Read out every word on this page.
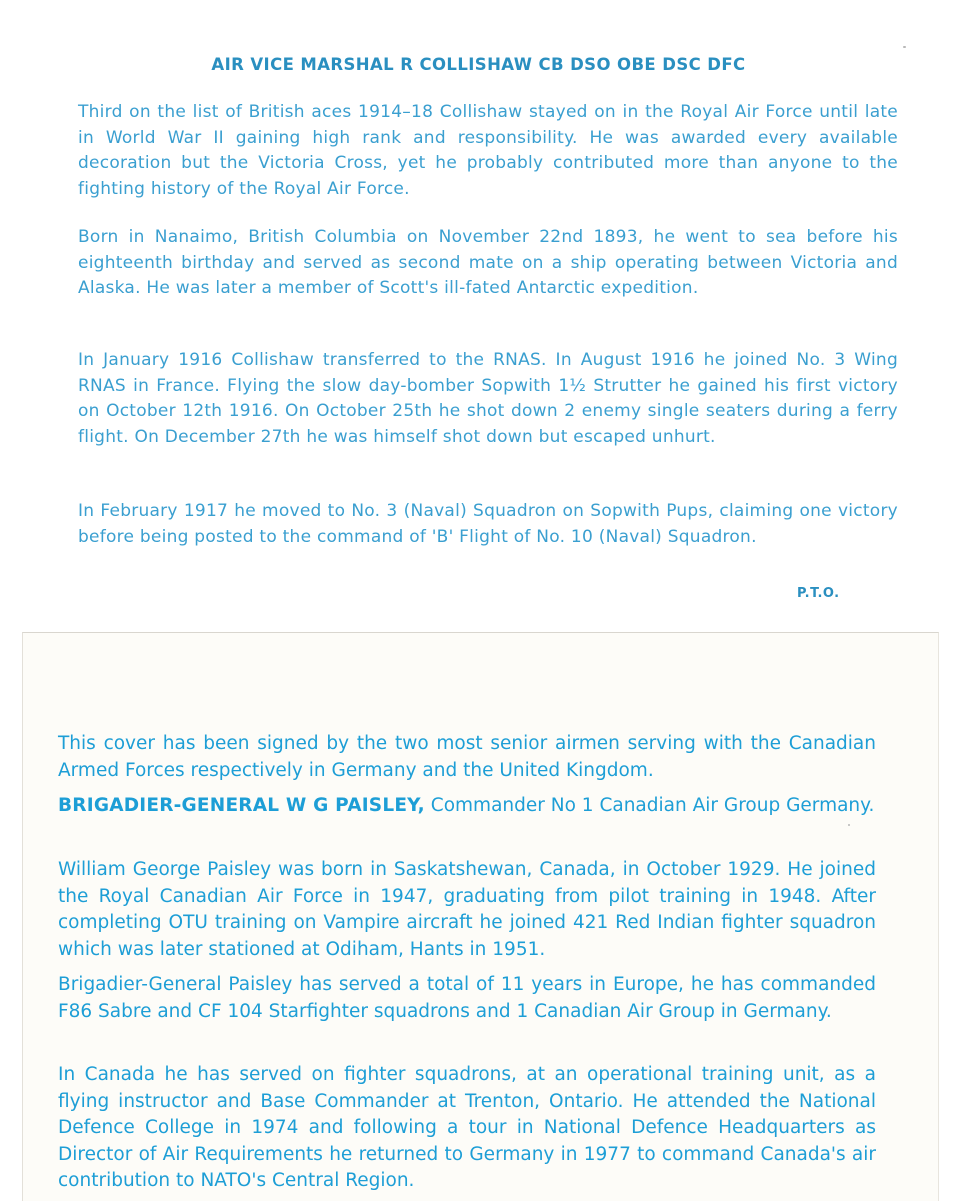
AIR VICE MARSHAL R COLLISHAW CB DSO OBE DSC DFC

Third on the list of British aces 1914–18 Collishaw stayed on in the Royal Air Force until late in World War II gaining high rank and responsibility. He was awarded every available decoration but the Victoria Cross, yet he probably contributed more than anyone to the fighting history of the Royal Air Force.

Born in Nanaimo, British Columbia on November 22nd 1893, he went to sea before his eighteenth birthday and served as second mate on a ship operating between Victoria and Alaska. He was later a member of Scott's ill-fated Antarctic expedition.

In January 1916 Collishaw transferred to the RNAS. In August 1916 he joined No. 3 Wing RNAS in France. Flying the slow day-bomber Sopwith 1½ Strutter he gained his first victory on October 12th 1916. On October 25th he shot down 2 enemy single seaters during a ferry flight. On December 27th he was himself shot down but escaped unhurt.

In February 1917 he moved to No. 3 (Naval) Squadron on Sopwith Pups, claiming one victory before being posted to the command of 'B' Flight of No. 10 (Naval) Squadron.

P.T.O.

This cover has been signed by the two most senior airmen serving with the Canadian Armed Forces respectively in Germany and the United Kingdom.

BRIGADIER-GENERAL W G PAISLEY, Commander No 1 Canadian Air Group Germany.

William George Paisley was born in Saskatshewan, Canada, in October 1929. He joined the Royal Canadian Air Force in 1947, graduating from pilot training in 1948. After completing OTU training on Vampire aircraft he joined 421 Red Indian fighter squadron which was later stationed at Odiham, Hants in 1951.

Brigadier-General Paisley has served a total of 11 years in Europe, he has commanded F86 Sabre and CF 104 Starfighter squadrons and 1 Canadian Air Group in Germany.

In Canada he has served on fighter squadrons, at an operational training unit, as a flying instructor and Base Commander at Trenton, Ontario. He attended the National Defence College in 1974 and following a tour in National Defence Headquarters as Director of Air Requirements he returned to Germany in 1977 to command Canada's air contribution to NATO's Central Region.
